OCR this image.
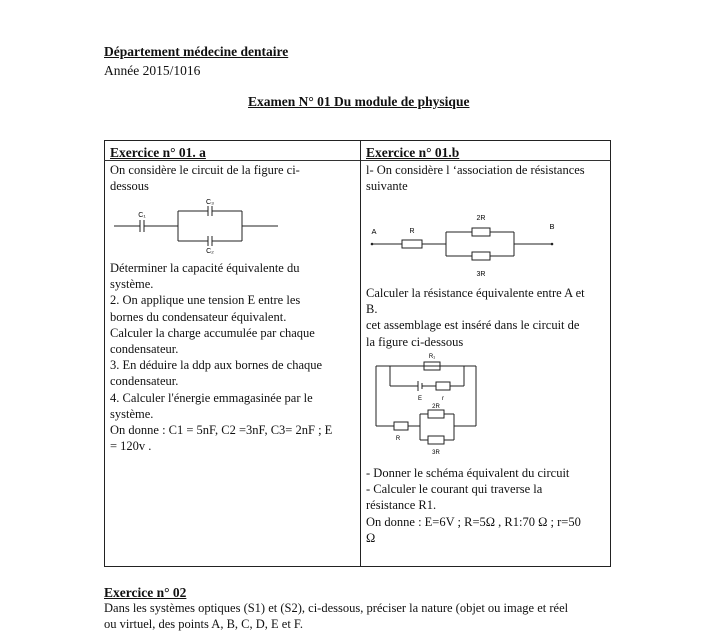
Département médecine dentaire
Année 2015/1016
Examen N° 01 Du module de physique
Exercice n° 01. a

On considère le circuit de la figure ci-
dessous

C₁
C₃
C₂

Déterminer la capacité équivalente du
système.
2. On applique une tension E entre les
bornes du condensateur équivalent.
Calculer la charge accumulée par chaque
condensateur.
3. En déduire la ddp aux bornes de chaque
condensateur.
4. Calculer l'énergie emmagasinée par le
système.
On donne : C1 = 5nF, C2 =3nF, C3= 2nF ; E
= 120v .

Exercice n° 01.b

l- On considère l ‘association de résistances
suivante

A
B
R
2R
3R

Calculer la résistance équivalente entre A et
B.
cet assemblage est inséré dans le circuit de
la figure ci-dessous

R₁
E	r
2R
R
3R

- Donner le schéma équivalent du circuit
- Calculer le courant qui traverse la
résistance R1.
On donne : E=6V ; R=5Ω , R1:70 Ω ; r=50
Ω

Exercice n° 02

Dans les systèmes optiques (S1) et (S2), ci-dessous, préciser la nature (objet ou image et réel
ou virtuel, des points A, B, C, D, E et F.
